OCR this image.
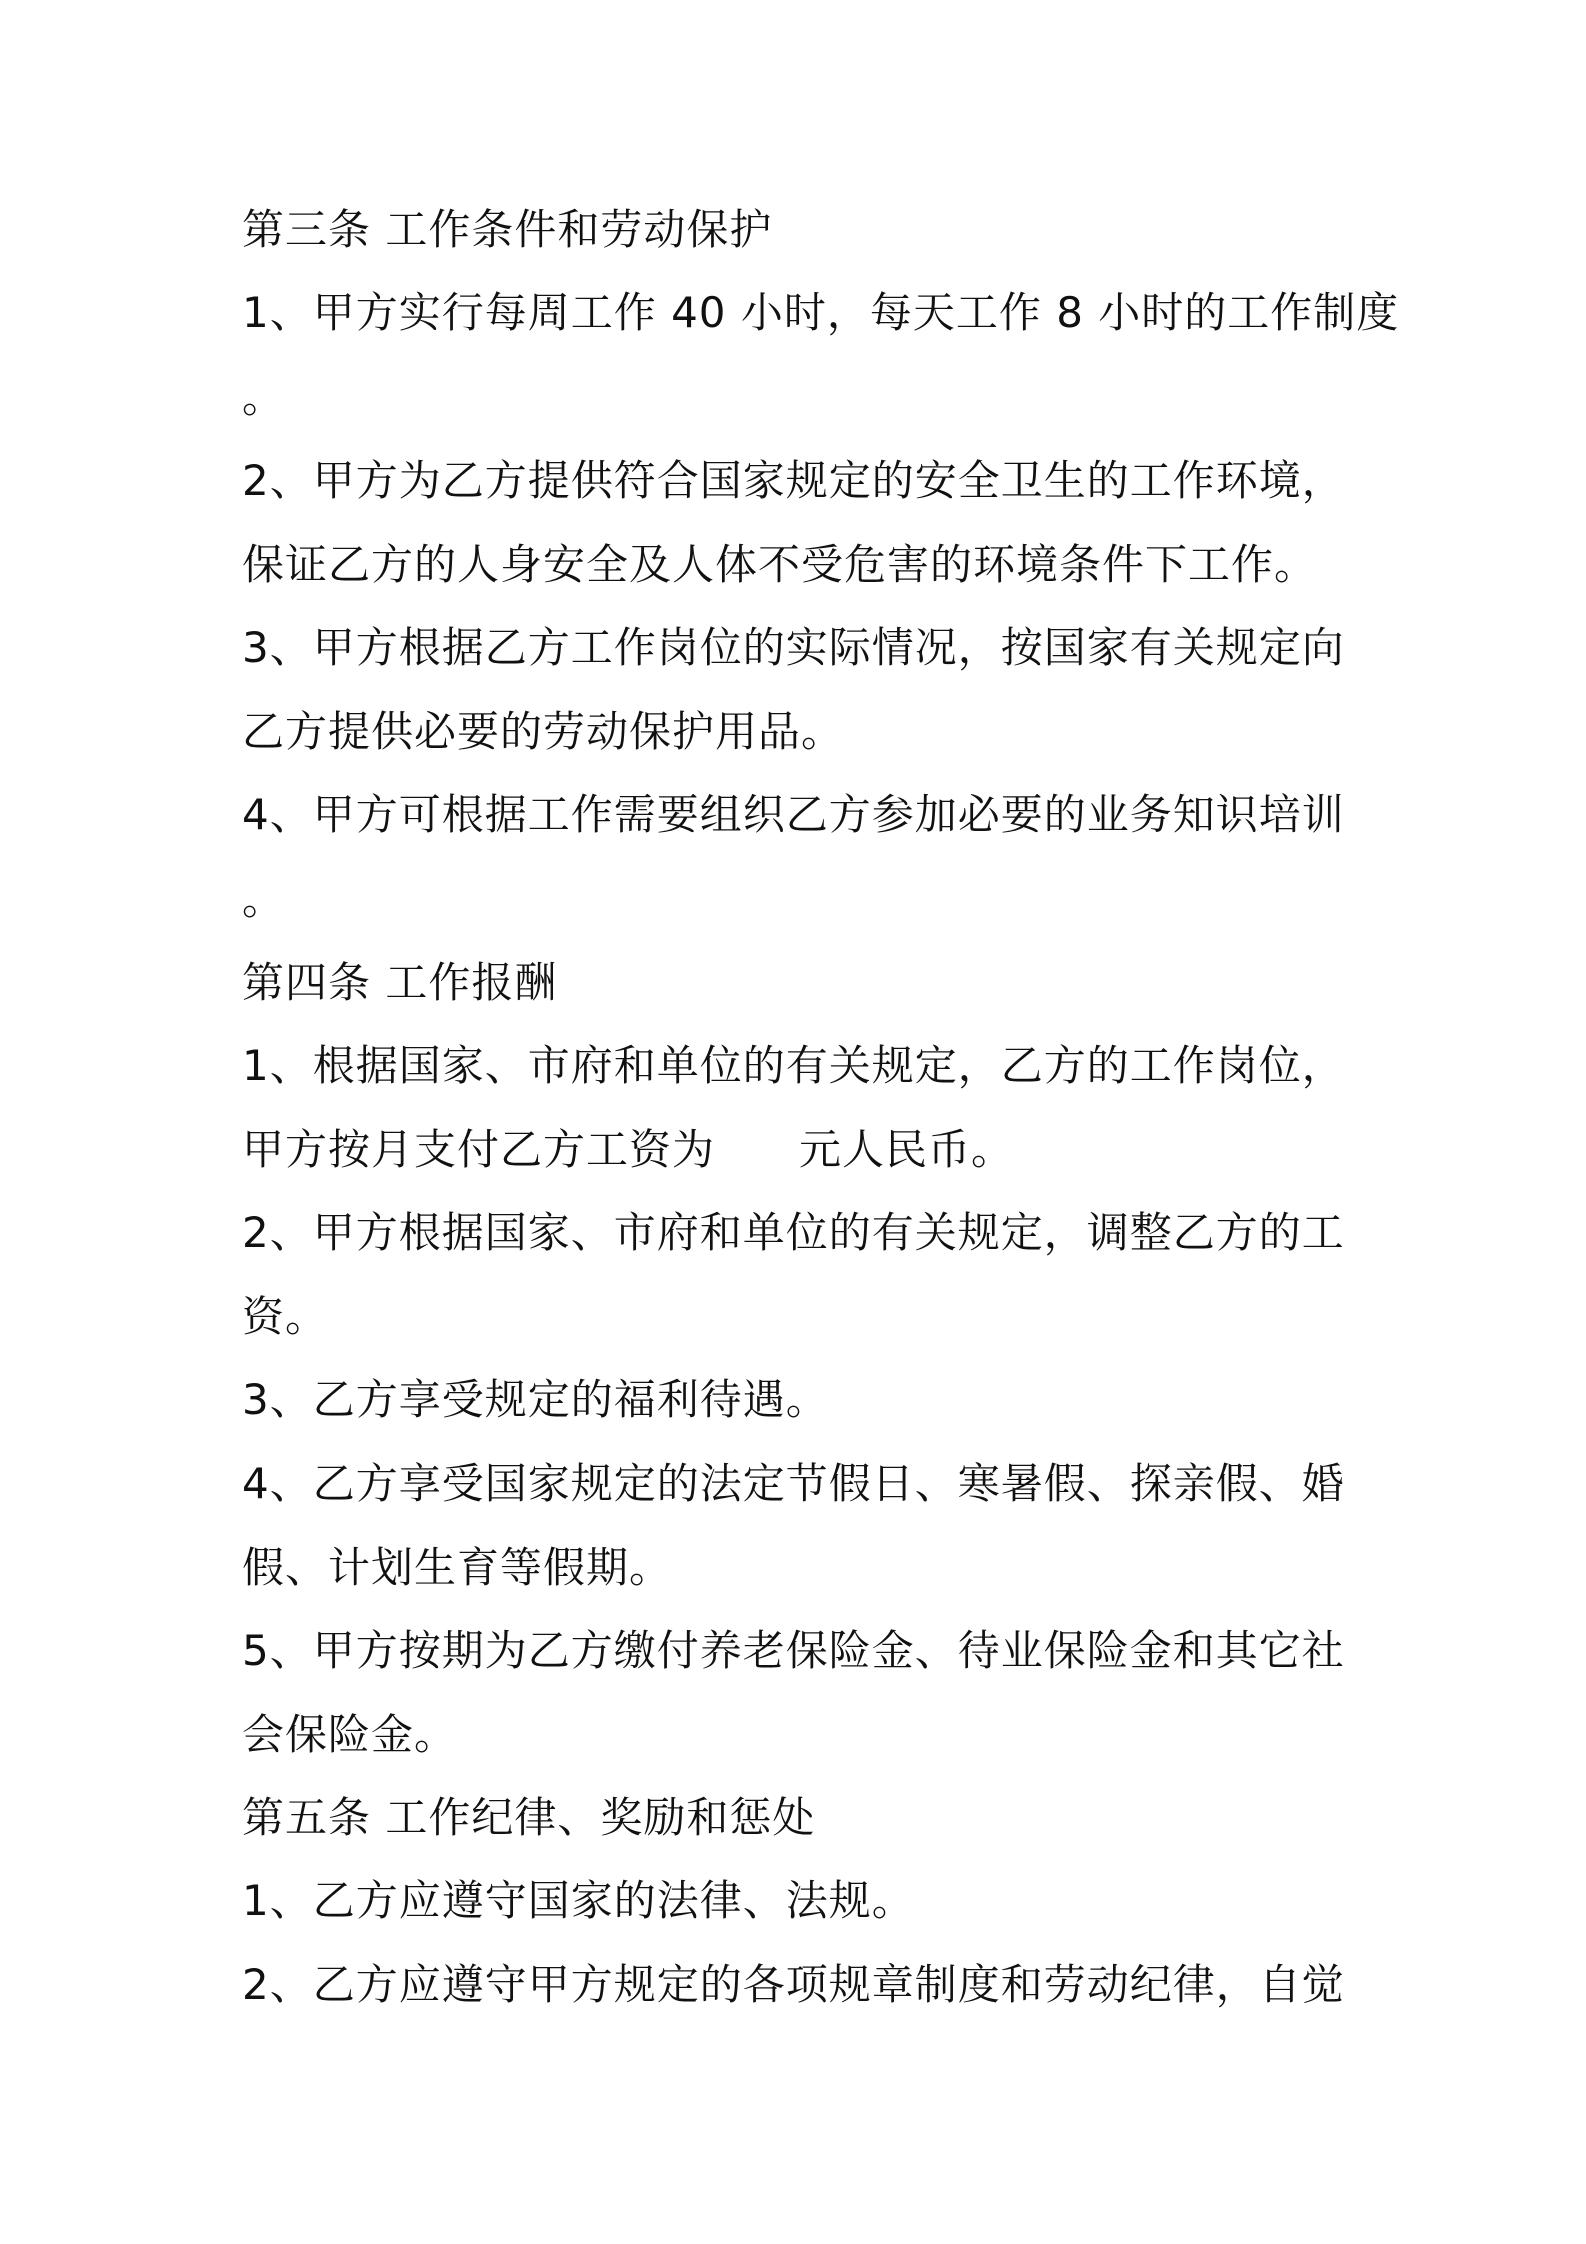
第三条 工作条件和劳动保护
1、甲方实行每周工作 40 小时，每天工作 8 小时的工作制度
。
2、甲方为乙方提供符合国家规定的安全卫生的工作环境，
保证乙方的人身安全及人体不受危害的环境条件下工作。
3、甲方根据乙方工作岗位的实际情况，按国家有关规定向
乙方提供必要的劳动保护用品。
4、甲方可根据工作需要组织乙方参加必要的业务知识培训
。
第四条 工作报酬
1、根据国家、市府和单位的有关规定，乙方的工作岗位，
甲方按月支付乙方工资为 元人民币。
2、甲方根据国家、市府和单位的有关规定，调整乙方的工
资。
3、乙方享受规定的福利待遇。
4、乙方享受国家规定的法定节假日、寒暑假、探亲假、婚
假、计划生育等假期。
5、甲方按期为乙方缴付养老保险金、待业保险金和其它社
会保险金。
第五条 工作纪律、奖励和惩处
1、乙方应遵守国家的法律、法规。
2、乙方应遵守甲方规定的各项规章制度和劳动纪律，自觉
